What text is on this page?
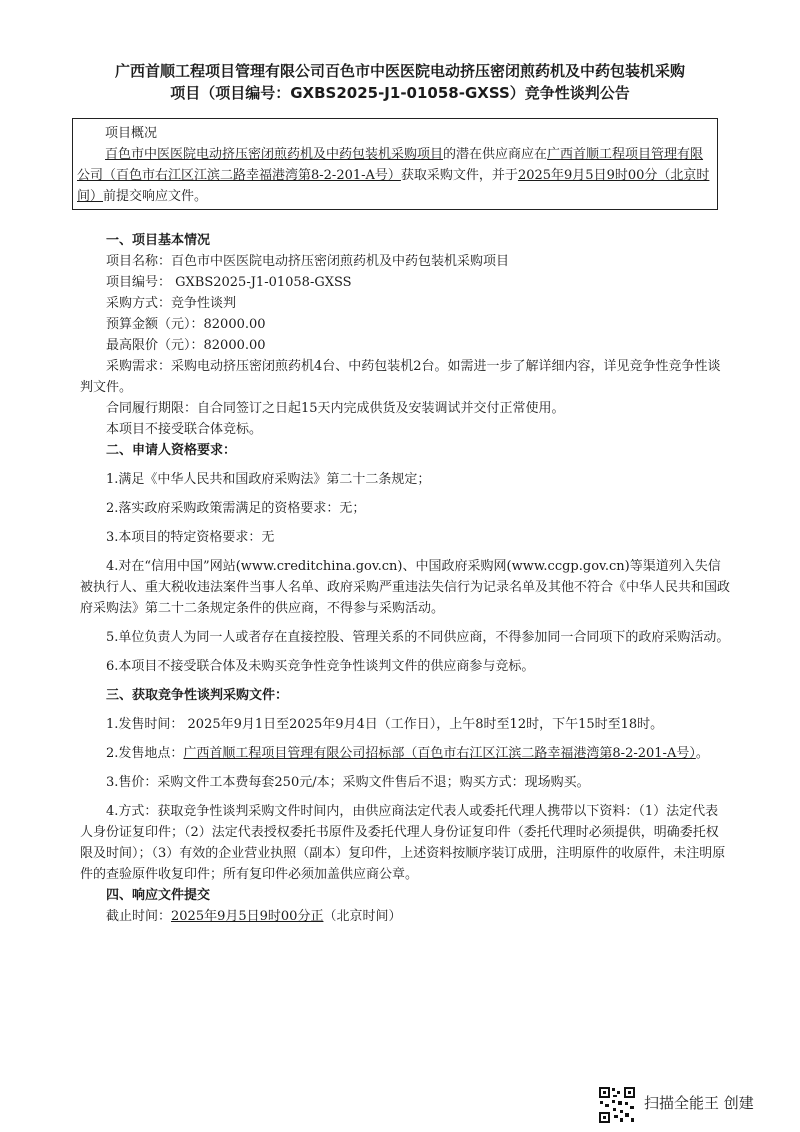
广西首顺工程项目管理有限公司百色市中医医院电动挤压密闭煎药机及中药包装机采购
项目（项目编号：GXBS2025-J1-01058-GXSS）竞争性谈判公告
项目概况
百色市中医医院电动挤压密闭煎药机及中药包装机采购项目的潜在供应商应在广西首顺工程项目管理有限公司（百色市右江区江滨二路幸福港湾第8-2-201-A号）获取采购文件，并于2025年9月5日9时00分（北京时间）前提交响应文件。

一、项目基本情况

项目名称：百色市中医医院电动挤压密闭煎药机及中药包装机采购项目

项目编号： GXBS2025-J1-01058-GXSS

采购方式：竞争性谈判

预算金额（元）：82000.00

最高限价（元）：82000.00

采购需求：采购电动挤压密闭煎药机4台、中药包装机2台。如需进一步了解详细内容，详见竞争性竞争性谈判文件。

合同履行期限：自合同签订之日起15天内完成供货及安装调试并交付正常使用。

本项目不接受联合体竞标。

二、申请人资格要求：

1.满足《中华人民共和国政府采购法》第二十二条规定；

2.落实政府采购政策需满足的资格要求：无；

3.本项目的特定资格要求：无

4.对在“信用中国”网站(www.creditchina.gov.cn)、中国政府采购网(www.ccgp.gov.cn)等渠道列入失信被执行人、重大税收违法案件当事人名单、政府采购严重违法失信行为记录名单及其他不符合《中华人民共和国政府采购法》第二十二条规定条件的供应商，不得参与采购活动。

5.单位负责人为同一人或者存在直接控股、管理关系的不同供应商，不得参加同一合同项下的政府采购活动。

6.本项目不接受联合体及未购买竞争性竞争性谈判文件的供应商参与竞标。

三、获取竞争性谈判采购文件：

1.发售时间： 2025年9月1日至2025年9月4日（工作日），上午8时至12时，下午15时至18时。

2.发售地点：广西首顺工程项目管理有限公司招标部（百色市右江区江滨二路幸福港湾第8-2-201-A号）。

3.售价：采购文件工本费每套250元/本；采购文件售后不退；购买方式：现场购买。

4.方式：获取竞争性谈判采购文件时间内，由供应商法定代表人或委托代理人携带以下资料：（1）法定代表人身份证复印件；（2）法定代表授权委托书原件及委托代理人身份证复印件（委托代理时必须提供，明确委托权限及时间）；（3）有效的企业营业执照（副本）复印件，上述资料按顺序装订成册，注明原件的收原件，未注明原件的查验原件收复印件；所有复印件必须加盖供应商公章。

四、响应文件提交

截止时间：2025年9月5日9时00分正（北京时间）

扫描全能王 创建
